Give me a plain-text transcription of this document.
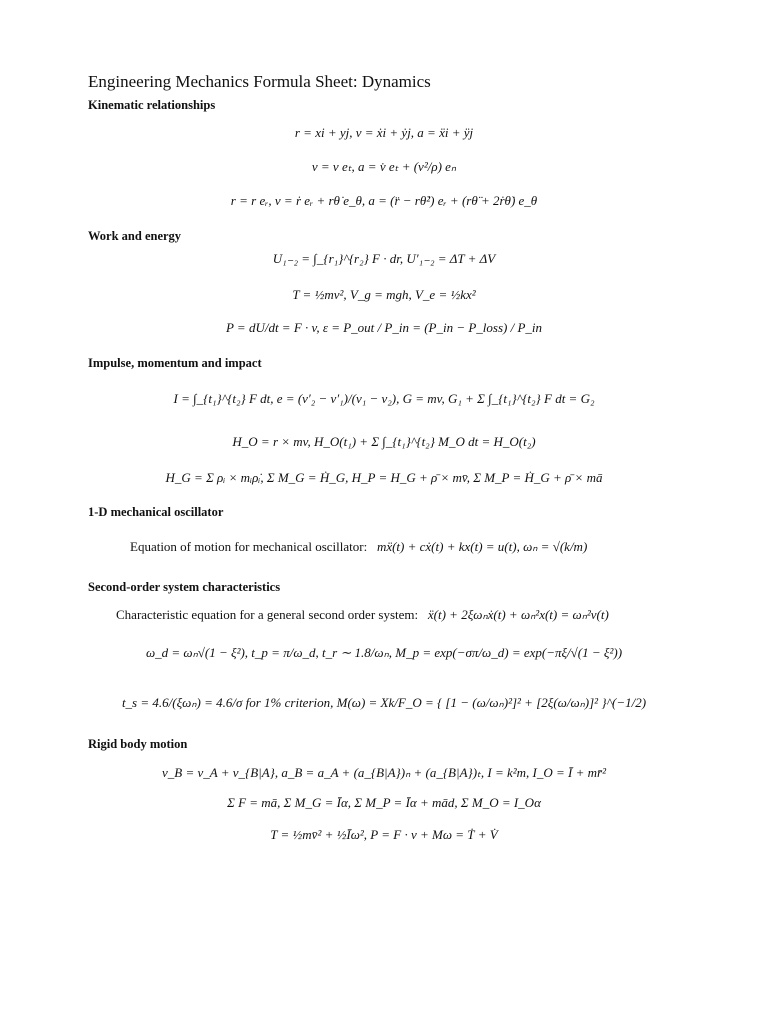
Engineering Mechanics Formula Sheet: Dynamics
Kinematic relationships
r = xi + yj, v = ẋi + ẏj, a = ẍi + ÿj
v = v eₜ, a = v̇ eₜ + (v²/ρ) eₙ
r = r eᵣ, v = ṙ eᵣ + rθ̇ e_θ, a = (r̈ − rθ̇²) eᵣ + (rθ̈ + 2ṙθ̇) e_θ
Work and energy
U₁₋₂ = ∫_{r₁}^{r₂} F · dr, U′₁₋₂ = ΔT + ΔV
T = ½mv², V_g = mgh, V_e = ½kx²
P = dU/dt = F · v, ε = P_out / P_in = (P_in − P_loss) / P_in
Impulse, momentum and impact
I = ∫_{t₁}^{t₂} F dt, e = (v′₂ − v′₁)/(v₁ − v₂), G = mv, G₁ + Σ ∫_{t₁}^{t₂} F dt = G₂
H_O = r × mv, H_O(t₁) + Σ ∫_{t₁}^{t₂} M_O dt = H_O(t₂)
H_G = Σ ρᵢ × mᵢρ̇ᵢ, Σ M_G = Ḣ_G, H_P = H_G + ρ̄ × mv̄, Σ M_P = Ḣ_G + ρ̄ × mā
1-D mechanical oscillator
Equation of motion for mechanical oscillator: mẍ(t) + cẋ(t) + kx(t) = u(t), ωₙ = √(k/m)
Second-order system characteristics
Characteristic equation for a general second order system: ẍ(t) + 2ξωₙẋ(t) + ωₙ²x(t) = ωₙ²v(t)
ω_d = ωₙ√(1 − ξ²), t_p = π/ω_d, t_r ∼ 1.8/ωₙ, M_p = exp(−σπ/ω_d) = exp(−πξ/√(1 − ξ²))
t_s = 4.6/(ξωₙ) = 4.6/σ for 1% criterion, M(ω) = Xk/F_O = { [1 − (ω/ωₙ)²]² + [2ξ(ω/ωₙ)]² }^(−1/2)
Rigid body motion
v_B = v_A + v_{B|A}, a_B = a_A + (a_{B|A})ₙ + (a_{B|A})ₜ, I = k²m, I_O = Ī + mr̄²
Σ F = mā, Σ M_G = Īα, Σ M_P = Īα + mād, Σ M_O = I_Oα
T = ½mv̄² + ½Īω², P = F · v + Mω = Ṫ + V̇
